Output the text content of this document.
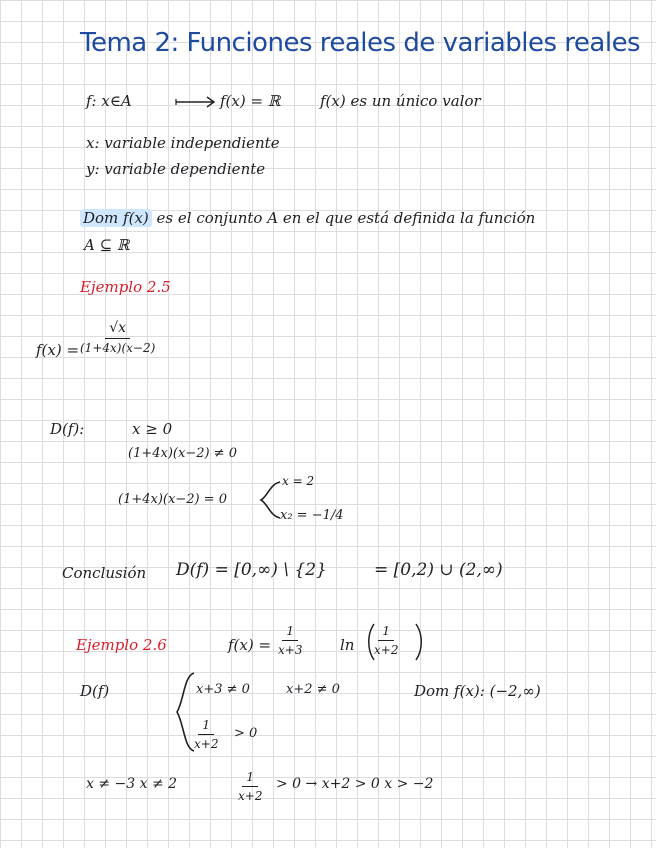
Tema 2: Funciones reales de variables reales
f: x∈A	f(x) = ℝ	f(x) es un único valor
x: variable independiente
y: variable dependiente
Dom f(x) es el conjunto A en el que está definida la función
A ⊆ ℝ
Ejemplo 2.5
$f(x) = \frac{√x}{(1+4x)(x-2)}$
D(f):	x ≥ 0
(1+4x)(x−2) ≠ 0
(1+4x)(x−2) = 0
x = 2
x₂ = −1/4
Conclusión D(f) = [0,∞) \ {2}	= [0,2) ∪ (2,∞)
Ejemplo 2.6	$f(x) = \frac{1}{x+3}$	$\ln \frac{1}{x+2}$
D(f)	x+3 ≠ 0	x+2 ≠ 0	Dom f(x): (−2,∞)
$\frac{1}{x+2} > 0$
x ≠ −3 x ≠ 2	$\frac{1}{x+2} > 0 \to x+2 > 0$ x > −2
